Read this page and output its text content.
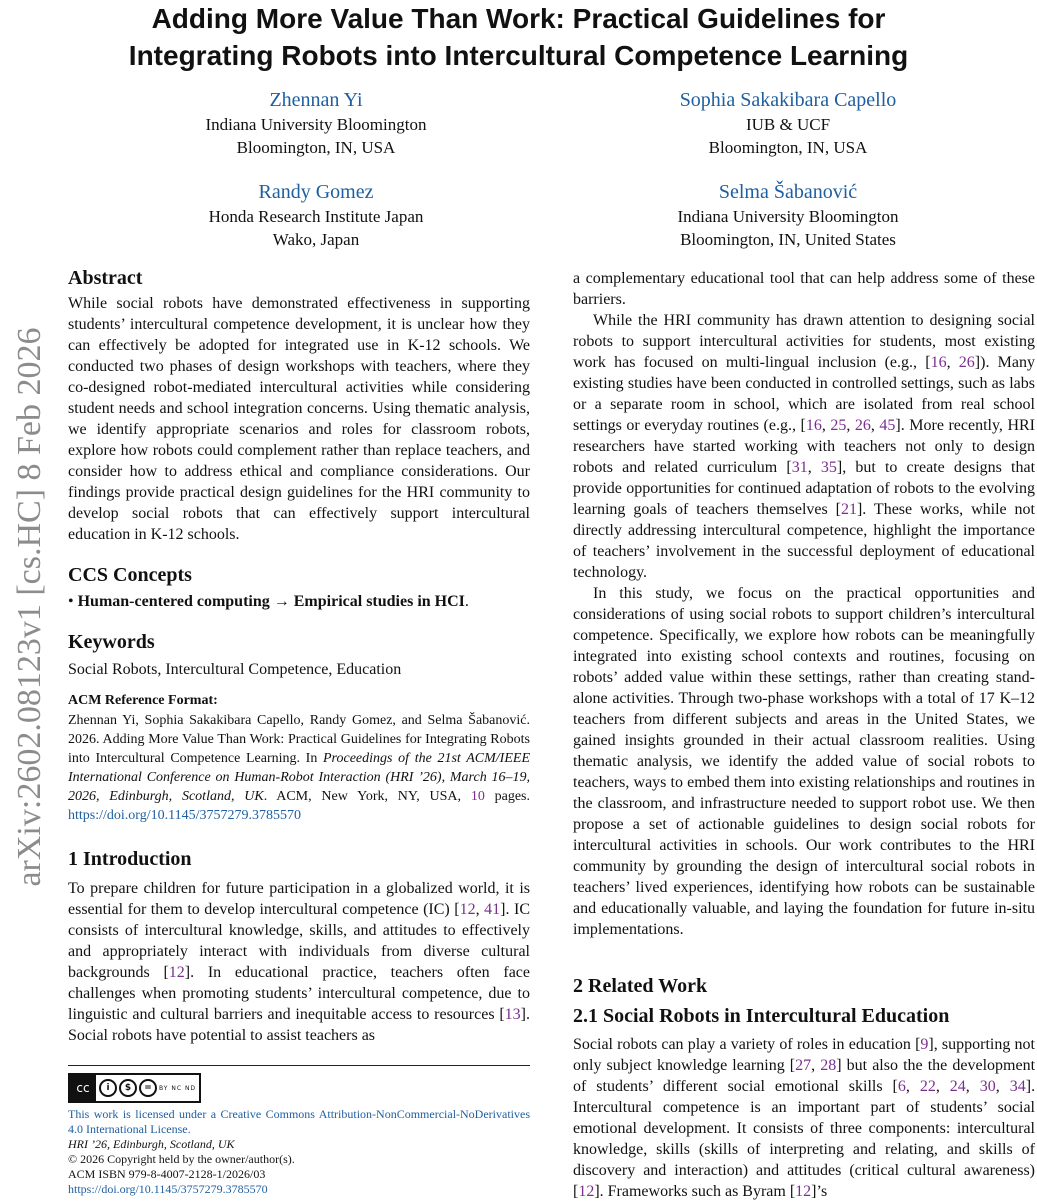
Adding More Value Than Work: Practical Guidelines for
Integrating Robots into Intercultural Competence Learning
Zhennan Yi
Indiana University Bloomington
Bloomington, IN, USA
Sophia Sakakibara Capello
IUB & UCF
Bloomington, IN, USA
Randy Gomez
Honda Research Institute Japan
Wako, Japan
Selma Šabanović
Indiana University Bloomington
Bloomington, IN, United States
arXiv:2602.08123v1 [cs.HC] 8 Feb 2026
Abstract

While social robots have demonstrated effectiveness in supporting students’ intercultural competence development, it is unclear how they can effectively be adopted for integrated use in K-12 schools. We conducted two phases of design workshops with teachers, where they co-designed robot-mediated intercultural activities while considering student needs and school integration concerns. Using thematic analysis, we identify appropriate scenarios and roles for classroom robots, explore how robots could complement rather than replace teachers, and consider how to address ethical and compliance considerations. Our findings provide practical design guidelines for the HRI community to develop social robots that can effectively support intercultural education in K-12 schools.

CCS Concepts

• Human-centered computing → Empirical studies in HCI.

Keywords

Social Robots, Intercultural Competence, Education

ACM Reference Format:

Zhennan Yi, Sophia Sakakibara Capello, Randy Gomez, and Selma Šabanović. 2026. Adding More Value Than Work: Practical Guidelines for Integrating Robots into Intercultural Competence Learning. In Proceedings of the 21st ACM/IEEE International Conference on Human-Robot Interaction (HRI ’26), March 16–19, 2026, Edinburgh, Scotland, UK. ACM, New York, NY, USA, 10 pages. https://doi.org/10.1145/3757279.3785570

1 Introduction

To prepare children for future participation in a globalized world, it is essential for them to develop intercultural competence (IC) [12, 41]. IC consists of intercultural knowledge, skills, and attitudes to effectively and appropriately interact with individuals from diverse cultural backgrounds [12]. In educational practice, teachers often face challenges when promoting students’ intercultural competence, due to linguistic and cultural barriers and inequitable access to resources [13]. Social robots have potential to assist teachers as

cc	i	$	=	BY NC ND
This work is licensed under a Creative Commons Attribution-NonCommercial-NoDerivatives 4.0 International License.
HRI ’26, Edinburgh, Scotland, UK
© 2026 Copyright held by the owner/author(s).
ACM ISBN 979-8-4007-2128-1/2026/03
https://doi.org/10.1145/3757279.3785570

a complementary educational tool that can help address some of these barriers.

While the HRI community has drawn attention to designing social robots to support intercultural activities for students, most existing work has focused on multi-lingual inclusion (e.g., [16, 26]). Many existing studies have been conducted in controlled settings, such as labs or a separate room in school, which are isolated from real school settings or everyday routines (e.g., [16, 25, 26, 45]. More recently, HRI researchers have started working with teachers not only to design robots and related curriculum [31, 35], but to create designs that provide opportunities for continued adaptation of robots to the evolving learning goals of teachers themselves [21]. These works, while not directly addressing intercultural competence, highlight the importance of teachers’ involvement in the successful deployment of educational technology.

In this study, we focus on the practical opportunities and considerations of using social robots to support children’s intercultural competence. Specifically, we explore how robots can be meaningfully integrated into existing school contexts and routines, focusing on robots’ added value within these settings, rather than creating stand-alone activities. Through two-phase workshops with a total of 17 K–12 teachers from different subjects and areas in the United States, we gained insights grounded in their actual classroom realities. Using thematic analysis, we identify the added value of social robots to teachers, ways to embed them into existing relationships and routines in the classroom, and infrastructure needed to support robot use. We then propose a set of actionable guidelines to design social robots for intercultural activities in schools. Our work contributes to the HRI community by grounding the design of intercultural social robots in teachers’ lived experiences, identifying how robots can be sustainable and educationally valuable, and laying the foundation for future in-situ implementations.

2 Related Work
2.1 Social Robots in Intercultural Education

Social robots can play a variety of roles in education [9], supporting not only subject knowledge learning [27, 28] but also the the development of students’ different social emotional skills [6, 22, 24, 30, 34]. Intercultural competence is an important part of students’ social emotional development. It consists of three components: intercultural knowledge, skills (skills of interpreting and relating, and skills of discovery and interaction) and attitudes (critical cultural awareness) [12]. Frameworks such as Byram [12]’s
